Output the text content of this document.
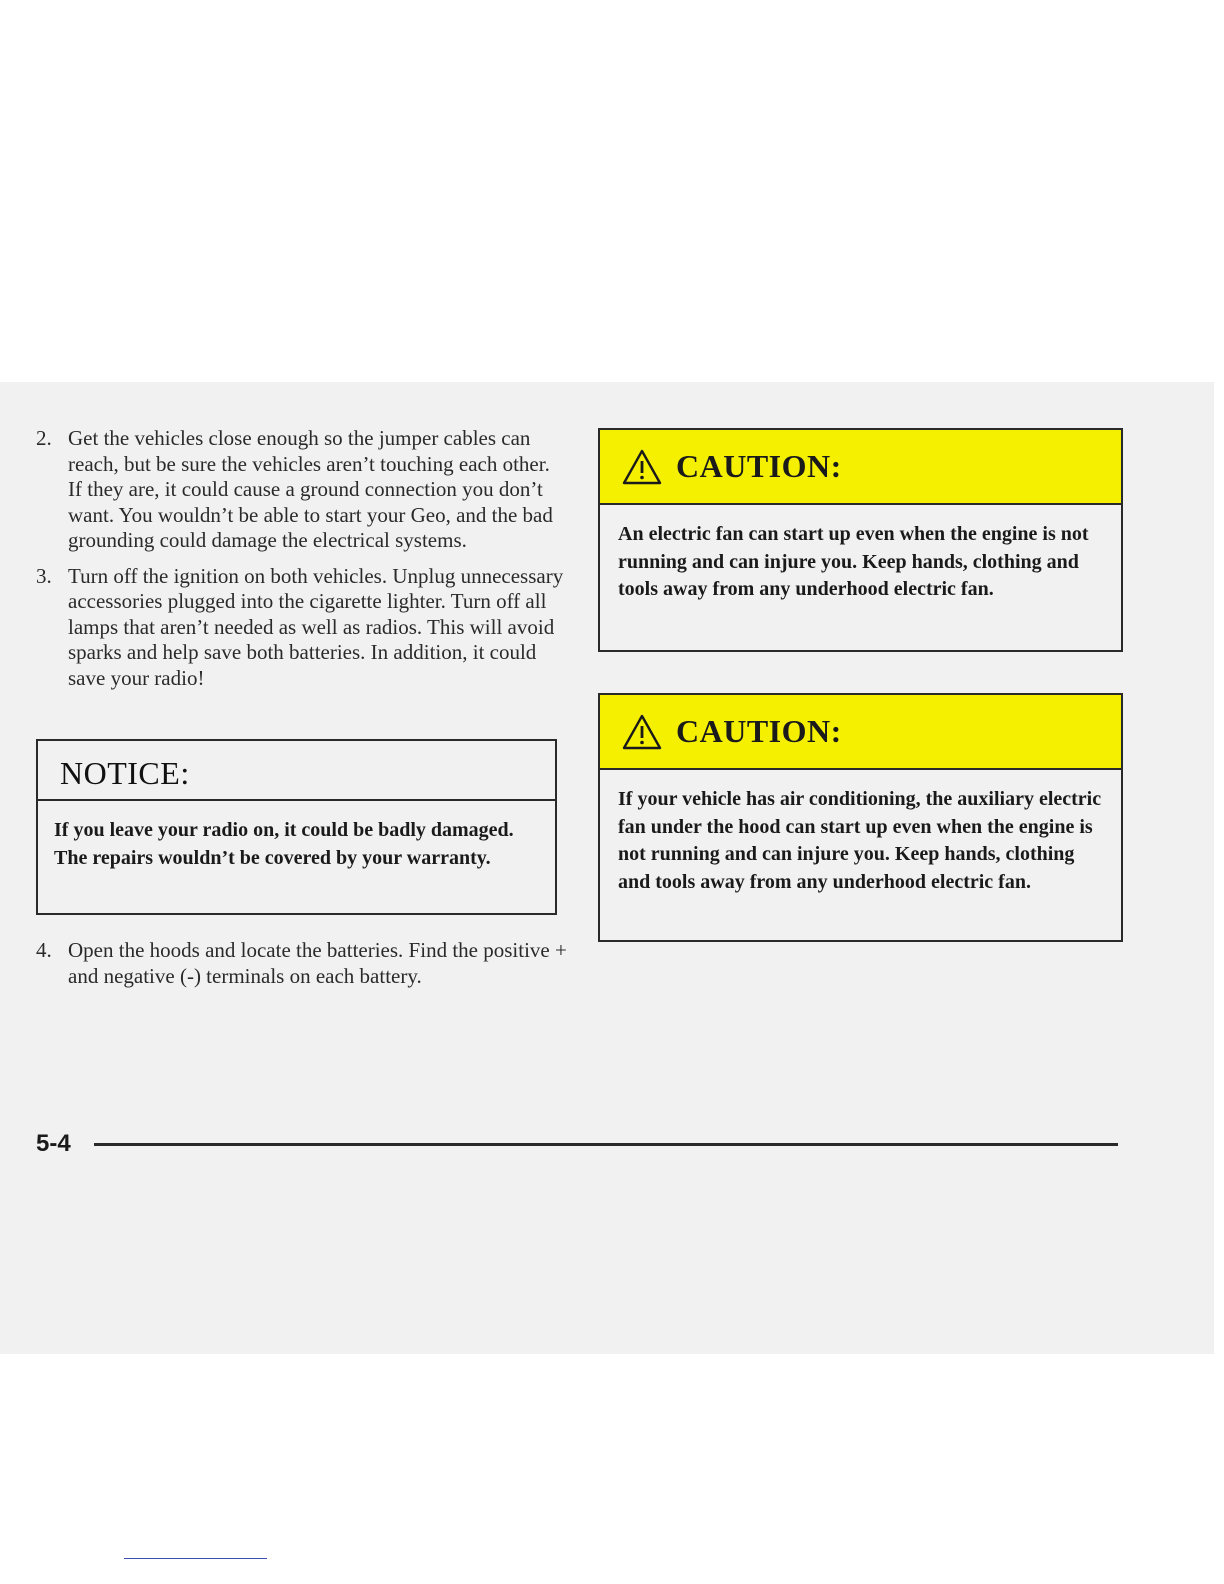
2. Get the vehicles close enough so the jumper cables can reach, but be sure the vehicles aren’t touching each other. If they are, it could cause a ground connection you don’t want. You wouldn’t be able to start your Geo, and the bad grounding could damage the electrical systems.
3. Turn off the ignition on both vehicles. Unplug unnecessary accessories plugged into the cigarette lighter. Turn off all lamps that aren’t needed as well as radios. This will avoid sparks and help save both batteries. In addition, it could save your radio!
NOTICE:
If you leave your radio on, it could be badly damaged. The repairs wouldn’t be covered by your warranty.
4. Open the hoods and locate the batteries. Find the positive + and negative (-) terminals on each battery.
CAUTION:
An electric fan can start up even when the engine is not running and can injure you. Keep hands, clothing and tools away from any underhood electric fan.
CAUTION:
If your vehicle has air conditioning, the auxiliary electric fan under the hood can start up even when the engine is not running and can injure you. Keep hands, clothing and tools away from any underhood electric fan.
5-4
